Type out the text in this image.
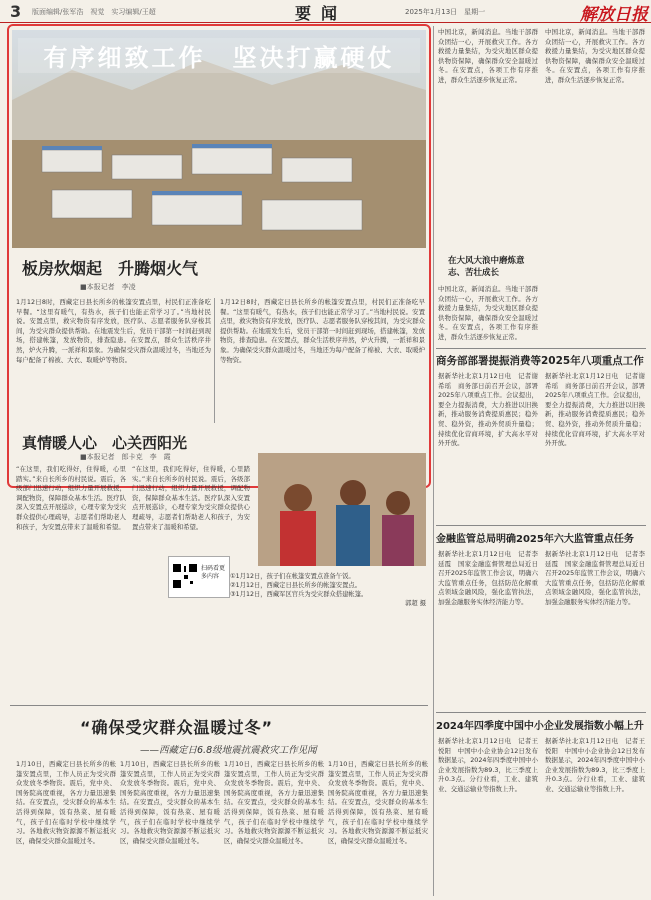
3 版面编辑/张军浩　视觉　实习编辑/王超	要闻	2025年1月13日　星期一	解放日报
有序细致工作　坚决打赢硬仗
板房炊烟起　升腾烟火气
■本报记者　李凌
1月12日8时，西藏定日县长所乡的帐篷安置点里，村民们正准备吃早餐。“这里有暖气，有热水，孩子们也能正常学习了。”当地村民说。安置点里，救灾物资有序发放，医疗队、志愿者服务队穿梭其间，为受灾群众提供帮助。在地震发生后，党员干部第一时间赶到现场，搭建帐篷，发放物资，排查隐患。在安置点，群众生活秩序井然，炉火升腾，一派祥和景象。为确保受灾群众温暖过冬，当地还为每户配备了棉被、大衣、取暖炉等物资。
1月12日8时，西藏定日县长所乡的帐篷安置点里，村民们正准备吃早餐。“这里有暖气，有热水，孩子们也能正常学习了。”当地村民说。安置点里，救灾物资有序发放，医疗队、志愿者服务队穿梭其间，为受灾群众提供帮助。在地震发生后，党员干部第一时间赶到现场，搭建帐篷，发放物资，排查隐患。在安置点，群众生活秩序井然，炉火升腾，一派祥和景象。为确保受灾群众温暖过冬，当地还为每户配备了棉被、大衣、取暖炉等物资。
真情暖人心　心关西阳光
■本报记者　郎卡克　李　霞
“在这里，我们吃得好，住得暖，心里踏实。”来自长所乡的村民说。震后，各级部门迅速行动，组织力量开展救援，调配物资，保障群众基本生活。医疗队深入安置点开展巡诊，心理专家为受灾群众提供心理疏导，志愿者们帮助老人和孩子，为安置点带来了温暖和希望。
“在这里，我们吃得好，住得暖，心里踏实。”来自长所乡的村民说。震后，各级部门迅速行动，组织力量开展救援，调配物资，保障群众基本生活。医疗队深入安置点开展巡诊，心理专家为受灾群众提供心理疏导，志愿者们帮助老人和孩子，为安置点带来了温暖和希望。
①1月12日，孩子们在帐篷安置点准备午饭。
②1月12日，西藏定日县长所乡的帐篷安置点。
③1月12日，西藏军区官兵为受灾群众搭建帐篷。
郭超 摄
扫码看更多内容
“确保受灾群众温暖过冬”
——西藏定日6.8级地震抗震救灾工作见闻
1月10日，西藏定日县长所乡的帐篷安置点里，工作人员正为受灾群众发放冬季物资。震后，党中央、国务院高度重视，各方力量迅速集结。在安置点，受灾群众的基本生活得到保障，饭有热菜、屋有暖气，孩子们在临时学校中继续学习。各地救灾物资源源不断运抵灾区，确保受灾群众温暖过冬。
1月10日，西藏定日县长所乡的帐篷安置点里，工作人员正为受灾群众发放冬季物资。震后，党中央、国务院高度重视，各方力量迅速集结。在安置点，受灾群众的基本生活得到保障，饭有热菜、屋有暖气，孩子们在临时学校中继续学习。各地救灾物资源源不断运抵灾区，确保受灾群众温暖过冬。
1月10日，西藏定日县长所乡的帐篷安置点里，工作人员正为受灾群众发放冬季物资。震后，党中央、国务院高度重视，各方力量迅速集结。在安置点，受灾群众的基本生活得到保障，饭有热菜、屋有暖气，孩子们在临时学校中继续学习。各地救灾物资源源不断运抵灾区，确保受灾群众温暖过冬。
1月10日，西藏定日县长所乡的帐篷安置点里，工作人员正为受灾群众发放冬季物资。震后，党中央、国务院高度重视，各方力量迅速集结。在安置点，受灾群众的基本生活得到保障，饭有热菜、屋有暖气，孩子们在临时学校中继续学习。各地救灾物资源源不断运抵灾区，确保受灾群众温暖过冬。
中国北京，新闻消息。当地干部群众团结一心，开展救灾工作。各方救援力量集结，为受灾地区群众提供物资保障，确保群众安全温暖过冬。在安置点，各项工作有序推进，群众生活逐步恢复正常。
中国北京，新闻消息。当地干部群众团结一心，开展救灾工作。各方救援力量集结，为受灾地区群众提供物资保障，确保群众安全温暖过冬。在安置点，各项工作有序推进，群众生活逐步恢复正常。
在大风大浪中磨炼意志、苦壮成长
中国北京，新闻消息。当地干部群众团结一心，开展救灾工作。各方救援力量集结，为受灾地区群众提供物资保障，确保群众安全温暖过冬。在安置点，各项工作有序推进，群众生活逐步恢复正常。
商务部部署提振消费等2025年八项重点工作
据新华社北京1月12日电　记者谢希瑶　商务部日前召开会议，部署2025年八项重点工作。会议提出，要全力提振消费，大力推进以旧换新，推动服务消费提质惠民；稳外贸、稳外资，推动外贸质升量稳；持续优化营商环境，扩大高水平对外开放。
据新华社北京1月12日电　记者谢希瑶　商务部日前召开会议，部署2025年八项重点工作。会议提出，要全力提振消费，大力推进以旧换新，推动服务消费提质惠民；稳外贸、稳外资，推动外贸质升量稳；持续优化营商环境，扩大高水平对外开放。
金融监管总局明确2025年六大监管重点任务
据新华社北京1月12日电　记者李延霞　国家金融监督管理总局近日召开2025年监管工作会议，明确六大监管重点任务，包括防范化解重点领域金融风险，强化监管执法，加强金融服务实体经济能力等。
据新华社北京1月12日电　记者李延霞　国家金融监督管理总局近日召开2025年监管工作会议，明确六大监管重点任务，包括防范化解重点领域金融风险，强化监管执法，加强金融服务实体经济能力等。
2024年四季度中国中小企业发展指数小幅上升
据新华社北京1月12日电　记者王悦阳　中国中小企业协会12日发布数据显示，2024年四季度中国中小企业发展指数为89.3，比三季度上升0.3点。分行业看，工业、建筑业、交通运输业等指数上升。
据新华社北京1月12日电　记者王悦阳　中国中小企业协会12日发布数据显示，2024年四季度中国中小企业发展指数为89.3，比三季度上升0.3点。分行业看，工业、建筑业、交通运输业等指数上升。
